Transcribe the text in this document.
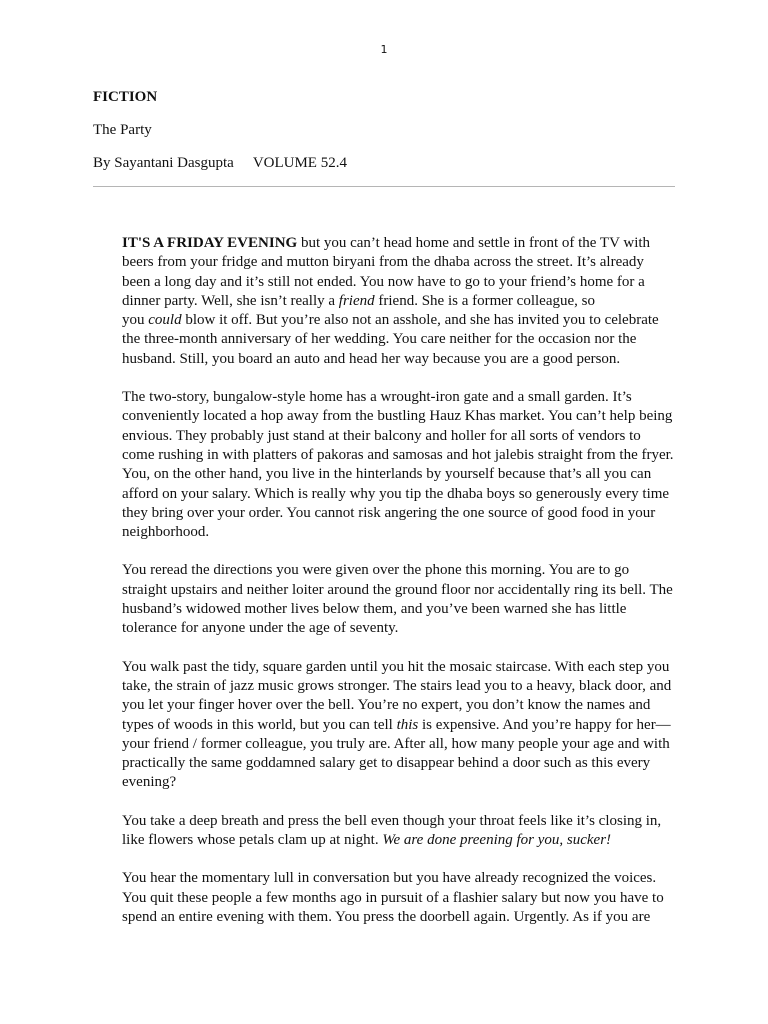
1

FICTION

The Party

By Sayantani Dasgupta VOLUME 52.4

IT'S A FRIDAY EVENING but you can’t head home and settle in front of the TV with
beers from your fridge and mutton biryani from the dhaba across the street. It’s already
been a long day and it’s still not ended. You now have to go to your friend’s home for a
dinner party. Well, she isn’t really a friend friend. She is a former colleague, so
you could blow it off. But you’re also not an asshole, and she has invited you to celebrate
the three-month anniversary of her wedding. You care neither for the occasion nor the
husband. Still, you board an auto and head her way because you are a good person.

The two-story, bungalow-style home has a wrought-iron gate and a small garden. It’s
conveniently located a hop away from the bustling Hauz Khas market. You can’t help being
envious. They probably just stand at their balcony and holler for all sorts of vendors to
come rushing in with platters of pakoras and samosas and hot jalebis straight from the fryer.
You, on the other hand, you live in the hinterlands by yourself because that’s all you can
afford on your salary. Which is really why you tip the dhaba boys so generously every time
they bring over your order. You cannot risk angering the one source of good food in your
neighborhood.

You reread the directions you were given over the phone this morning. You are to go
straight upstairs and neither loiter around the ground floor nor accidentally ring its bell. The
husband’s widowed mother lives below them, and you’ve been warned she has little
tolerance for anyone under the age of seventy.

You walk past the tidy, square garden until you hit the mosaic staircase. With each step you
take, the strain of jazz music grows stronger. The stairs lead you to a heavy, black door, and
you let your finger hover over the bell. You’re no expert, you don’t know the names and
types of woods in this world, but you can tell this is expensive. And you’re happy for her—
your friend / former colleague, you truly are. After all, how many people your age and with
practically the same goddamned salary get to disappear behind a door such as this every
evening?

You take a deep breath and press the bell even though your throat feels like it’s closing in,
like flowers whose petals clam up at night. We are done preening for you, sucker!

You hear the momentary lull in conversation but you have already recognized the voices.
You quit these people a few months ago in pursuit of a flashier salary but now you have to
spend an entire evening with them. You press the doorbell again. Urgently. As if you are
